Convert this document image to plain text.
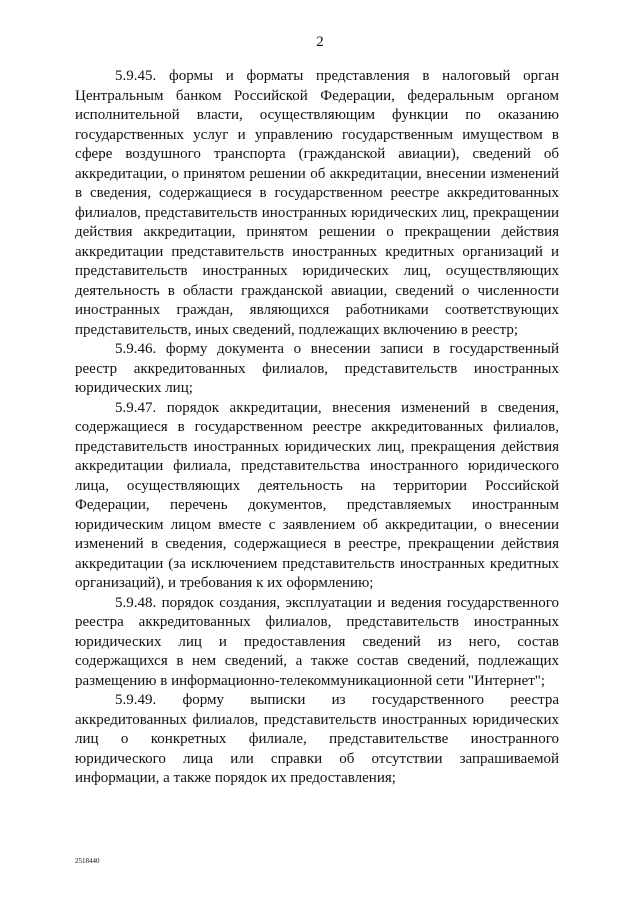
2

5.9.45. формы и форматы представления в налоговый орган Центральным банком Российской Федерации, федеральным органом исполнительной власти, осуществляющим функции по оказанию государственных услуг и управлению государственным имуществом в сфере воздушного транспорта (гражданской авиации), сведений об аккредитации, о принятом решении об аккредитации, внесении изменений в сведения, содержащиеся в государственном реестре аккредитованных филиалов, представительств иностранных юридических лиц, прекращении действия аккредитации, принятом решении о прекращении действия аккредитации представительств иностранных кредитных организаций и представительств иностранных юридических лиц, осуществляющих деятельность в области гражданской авиации, сведений о численности иностранных граждан, являющихся работниками соответствующих представительств, иных сведений, подлежащих включению в реестр;

5.9.46. форму документа о внесении записи в государственный реестр аккредитованных филиалов, представительств иностранных юридических лиц;

5.9.47. порядок аккредитации, внесения изменений в сведения, содержащиеся в государственном реестре аккредитованных филиалов, представительств иностранных юридических лиц, прекращения действия аккредитации филиала, представительства иностранного юридического лица, осуществляющих деятельность на территории Российской Федерации, перечень документов, представляемых иностранным юридическим лицом вместе с заявлением об аккредитации, о внесении изменений в сведения, содержащиеся в реестре, прекращении действия аккредитации (за исключением представительств иностранных кредитных организаций), и требования к их оформлению;

5.9.48. порядок создания, эксплуатации и ведения государственного реестра аккредитованных филиалов, представительств иностранных юридических лиц и предоставления сведений из него, состав содержащихся в нем сведений, а также состав сведений, подлежащих размещению в информационно-телекоммуникационной сети "Интернет";

5.9.49. форму выписки из государственного реестра аккредитованных филиалов, представительств иностранных юридических лиц о конкретных филиале, представительстве иностранного юридического лица или справки об отсутствии запрашиваемой информации, а также порядок их предоставления;

2518440
